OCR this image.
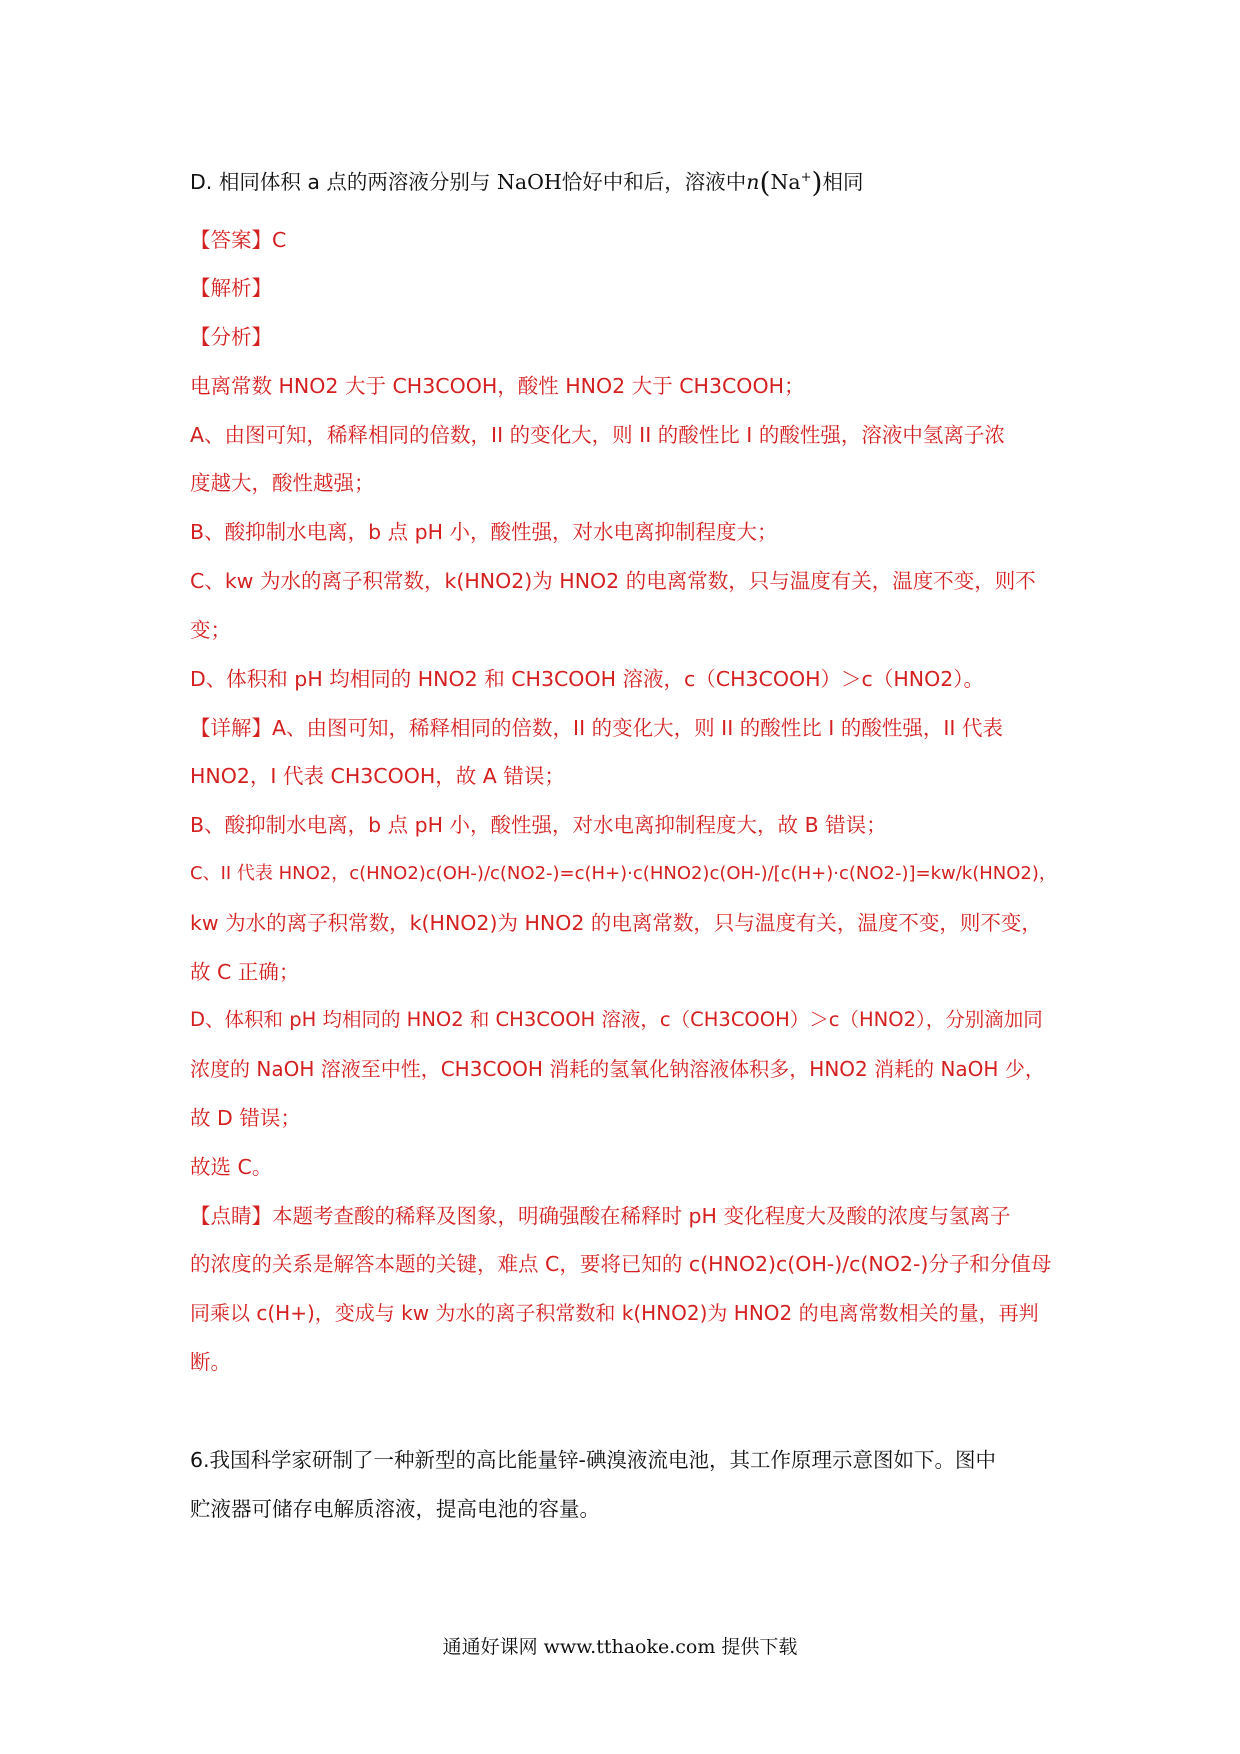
D. 相同体积 a 点的两溶液分别与 NaOH恰好中和后，溶液中n(Na+)相同
【答案】C
【解析】
【分析】
电离常数 HNO2 大于 CH3COOH，酸性 HNO2 大于 CH3COOH；
A、由图可知，稀释相同的倍数，II 的变化大，则 II 的酸性比 I 的酸性强，溶液中氢离子浓
度越大，酸性越强；
B、酸抑制水电离，b 点 pH 小，酸性强，对水电离抑制程度大；
C、kw 为水的离子积常数，k(HNO2)为 HNO2 的电离常数，只与温度有关，温度不变，则不
变；
D、体积和 pH 均相同的 HNO2 和 CH3COOH 溶液，c（CH3COOH）＞c（HNO2）。
【详解】A、由图可知，稀释相同的倍数，II 的变化大，则 II 的酸性比 I 的酸性强，II 代表
HNO2，I 代表 CH3COOH，故 A 错误；
B、酸抑制水电离，b 点 pH 小，酸性强，对水电离抑制程度大，故 B 错误；
C、II 代表 HNO2，c(HNO2)c(OH-)/c(NO2-)=c(H+)·c(HNO2)c(OH-)/[c(H+)·c(NO2-)]=kw/k(HNO2)，
kw 为水的离子积常数，k(HNO2)为 HNO2 的电离常数，只与温度有关，温度不变，则不变，
故 C 正确；
D、体积和 pH 均相同的 HNO2 和 CH3COOH 溶液，c（CH3COOH）＞c（HNO2），分别滴加同
浓度的 NaOH 溶液至中性，CH3COOH 消耗的氢氧化钠溶液体积多，HNO2 消耗的 NaOH 少，
故 D 错误；
故选 C。
【点睛】本题考查酸的稀释及图象，明确强酸在稀释时 pH 变化程度大及酸的浓度与氢离子
的浓度的关系是解答本题的关键，难点 C，要将已知的 c(HNO2)c(OH-)/c(NO2-)分子和分值母
同乘以 c(H+)，变成与 kw 为水的离子积常数和 k(HNO2)为 HNO2 的电离常数相关的量，再判
断。
6.我国科学家研制了一种新型的高比能量锌-碘溴液流电池，其工作原理示意图如下。图中
贮液器可储存电解质溶液，提高电池的容量。
通通好课网 www.tthaoke.com 提供下载
